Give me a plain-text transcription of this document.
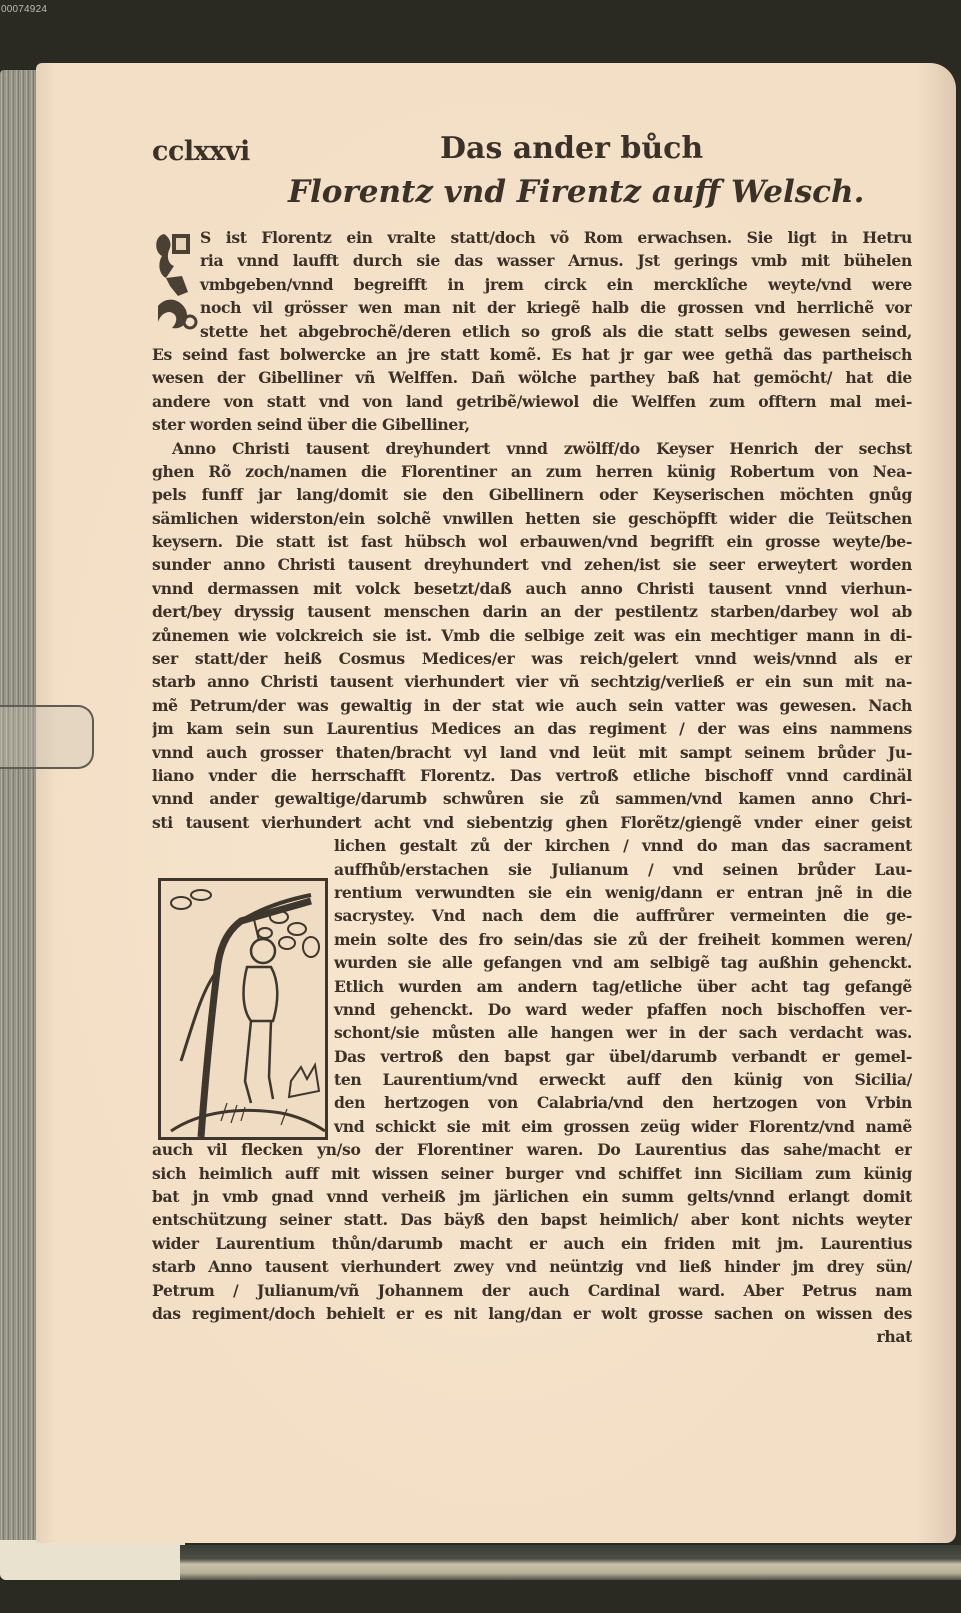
00074924
cclxxvi	Das ander bůch
Florentz vnd Firentz auff Welsch.
S ist Florentz ein vralte statt/doch võ Rom erwachsen. Sie ligt in Hetru
ria vnnd laufft durch sie das wasser Arnus. Jst gerings vmb mit bühelen
vmbgeben/vnnd begreifft in jrem circk ein mercklîche weyte/vnd were
noch vil grösser wen man nit der kriegẽ halb die grossen vnd herrlichẽ vor
stette het abgebrochẽ/deren etlich so groß als die statt selbs gewesen seind,
Es seind fast bolwercke an jre statt komẽ. Es hat jr gar wee gethã das partheisch
wesen der Gibelliner vñ Welffen. Dañ wölche parthey baß hat gemöcht/ hat die
andere von statt vnd von land getribẽ/wiewol die Welffen zum offtern mal mei-
ster worden seind über die Gibelliner,
Anno Christi tausent dreyhundert vnnd zwölff/do Keyser Henrich der sechst
ghen Rõ zoch/namen die Florentiner an zum herren künig Robertum von Nea-
pels funff jar lang/domit sie den Gibellinern oder Keyserischen möchten gnůg
sämlichen widerston/ein solchẽ vnwillen hetten sie geschöpfft wider die Teütschen
keysern. Die statt ist fast hübsch wol erbauwen/vnd begrifft ein grosse weyte/be-
sunder anno Christi tausent dreyhundert vnd zehen/ist sie seer erweytert worden
vnnd dermassen mit volck besetzt/daß auch anno Christi tausent vnnd vierhun-
dert/bey dryssig tausent menschen darin an der pestilentz starben/darbey wol ab
zůnemen wie volckreich sie ist. Vmb die selbige zeit was ein mechtiger mann in di-
ser statt/der heiß Cosmus Medices/er was reich/gelert vnnd weis/vnnd als er
starb anno Christi tausent vierhundert vier vñ sechtzig/verließ er ein sun mit na-
mẽ Petrum/der was gewaltig in der stat wie auch sein vatter was gewesen. Nach
jm kam sein sun Laurentius Medices an das regiment / der was eins nammens
vnnd auch grosser thaten/bracht vyl land vnd leüt mit sampt seinem brůder Ju-
liano vnder die herrschafft Florentz. Das vertroß etliche bischoff vnnd cardinäl
vnnd ander gewaltige/darumb schwůren sie zů sammen/vnd kamen anno Chri-
sti tausent vierhundert acht vnd siebentzig ghen Florẽtz/giengẽ vnder einer geist
lichen gestalt zů der kirchen / vnnd do man das sacrament
auffhůb/erstachen sie Julianum / vnd seinen brůder Lau-
rentium verwundten sie ein wenig/dann er entran jnẽ in die
sacrystey. Vnd nach dem die auffrůrer vermeinten die ge-
mein solte des fro sein/das sie zů der freiheit kommen weren/
wurden sie alle gefangen vnd am selbigẽ tag außhin gehenckt.
Etlich wurden am andern tag/etliche über acht tag gefangẽ
vnnd gehenckt. Do ward weder pfaffen noch bischoffen ver-
schont/sie můsten alle hangen wer in der sach verdacht was.
Das vertroß den bapst gar übel/darumb verbandt er gemel-
ten Laurentium/vnd erweckt auff den künig von Sicilia/
den hertzogen von Calabria/vnd den hertzogen von Vrbin
vnd schickt sie mit eim grossen zeüg wider Florentz/vnd namẽ
auch vil flecken yn/so der Florentiner waren. Do Laurentius das sahe/macht er
sich heimlich auff mit wissen seiner burger vnd schiffet inn Siciliam zum künig
bat jn vmb gnad vnnd verheiß jm järlichen ein summ gelts/vnnd erlangt domit
entschützung seiner statt. Das bäyß den bapst heimlich/ aber kont nichts weyter
wider Laurentium thůn/darumb macht er auch ein friden mit jm. Laurentius
starb Anno tausent vierhundert zwey vnd neüntzig vnd ließ hinder jm drey sün/
Petrum / Julianum/vñ Johannem der auch Cardinal ward. Aber Petrus nam
das regiment/doch behielt er es nit lang/dan er wolt grosse sachen on wissen des
rhat
